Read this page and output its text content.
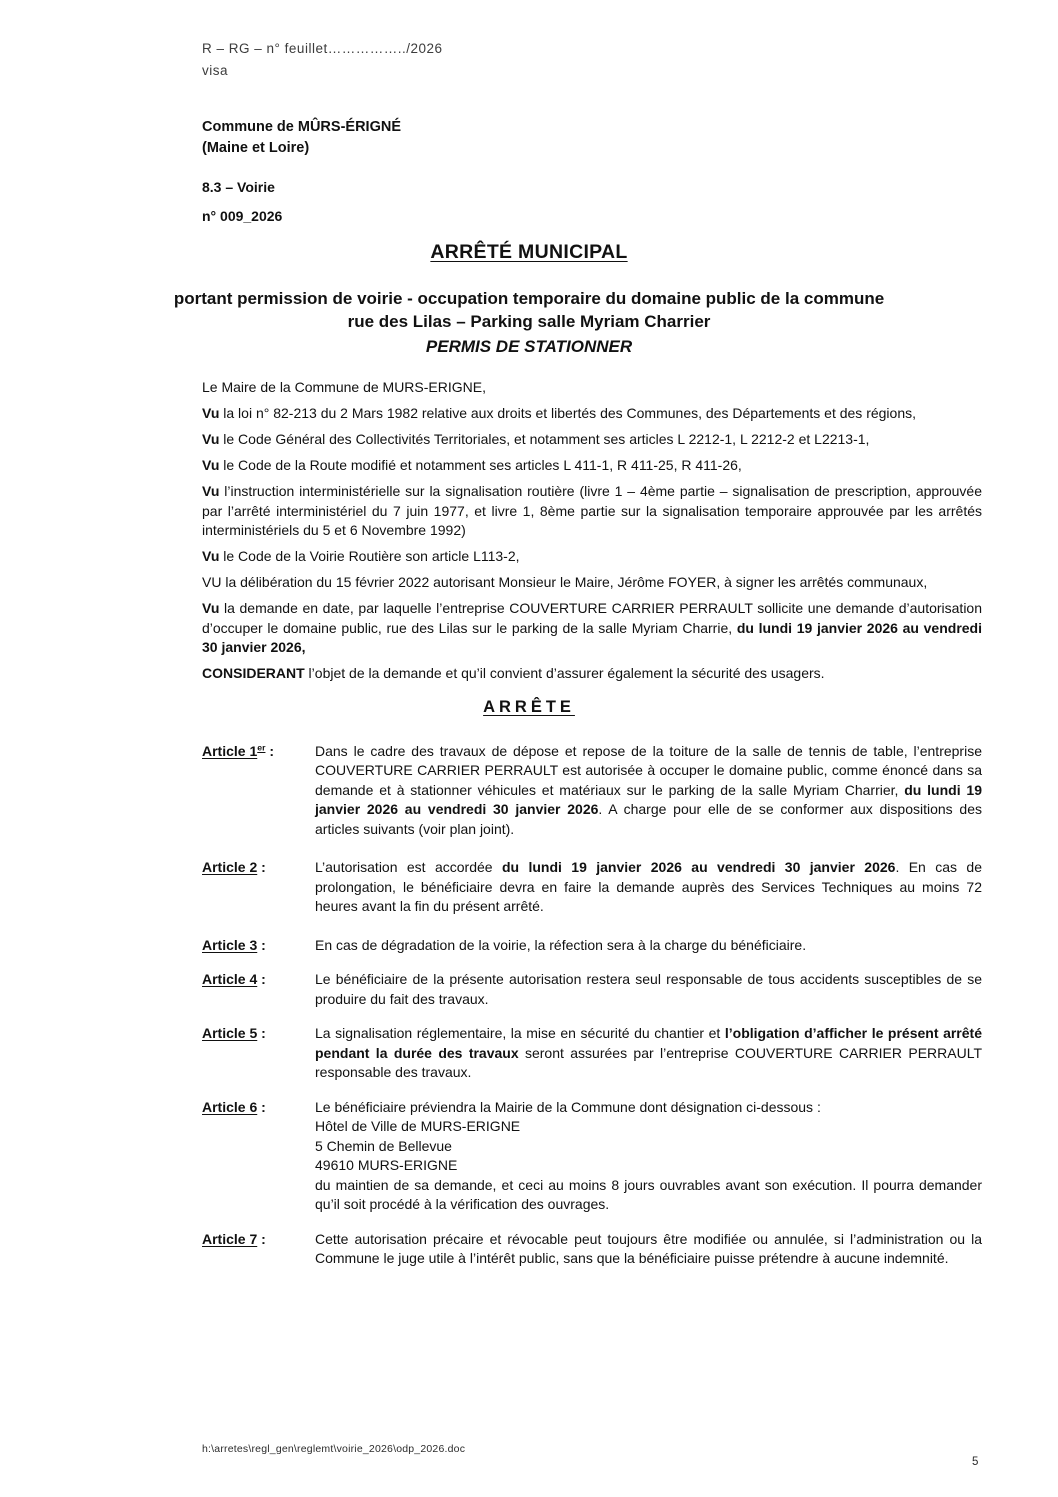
R – RG – n° feuillet……………../2026
visa
Commune de MÛRS-ÉRIGNÉ
(Maine et Loire)
8.3 – Voirie
n° 009_2026
ARRÊTÉ MUNICIPAL
portant permission de voirie - occupation temporaire du domaine public de la commune
rue des Lilas – Parking salle Myriam Charrier
PERMIS DE STATIONNER

Le Maire de la Commune de MURS-ERIGNE,

Vu la loi n° 82-213 du 2 Mars 1982 relative aux droits et libertés des Communes, des Départements et des régions,

Vu le Code Général des Collectivités Territoriales, et notamment ses articles L 2212-1, L 2212-2 et L2213-1,

Vu le Code de la Route modifié et notamment ses articles L 411-1, R 411-25, R 411-26,

Vu l’instruction interministérielle sur la signalisation routière (livre 1 – 4ème partie – signalisation de prescription, approuvée par l’arrêté interministériel du 7 juin 1977, et livre 1, 8ème partie sur la signalisation temporaire approuvée par les arrêtés interministériels du 5 et 6 Novembre 1992)

Vu le Code de la Voirie Routière son article L113-2,

VU la délibération du 15 février 2022 autorisant Monsieur le Maire, Jérôme FOYER, à signer les arrêtés communaux,

Vu la demande en date, par laquelle l’entreprise COUVERTURE CARRIER PERRAULT sollicite une demande d’autorisation d’occuper le domaine public, rue des Lilas sur le parking de la salle Myriam Charrie, du lundi 19 janvier 2026 au vendredi 30 janvier 2026,

CONSIDERANT l’objet de la demande et qu’il convient d’assurer également la sécurité des usagers.

ARRÊTE
Article 1er :	Dans le cadre des travaux de dépose et repose de la toiture de la salle de tennis de table, l’entreprise COUVERTURE CARRIER PERRAULT est autorisée à occuper le domaine public, comme énoncé dans sa demande et à stationner véhicules et matériaux sur le parking de la salle Myriam Charrier, du lundi 19 janvier 2026 au vendredi 30 janvier 2026. A charge pour elle de se conformer aux dispositions des articles suivants (voir plan joint).
Article 2 :	L’autorisation est accordée du lundi 19 janvier 2026 au vendredi 30 janvier 2026. En cas de prolongation, le bénéficiaire devra en faire la demande auprès des Services Techniques au moins 72 heures avant la fin du présent arrêté.
Article 3 :	En cas de dégradation de la voirie, la réfection sera à la charge du bénéficiaire.
Article 4 :	Le bénéficiaire de la présente autorisation restera seul responsable de tous accidents susceptibles de se produire du fait des travaux.
Article 5 :	La signalisation réglementaire, la mise en sécurité du chantier et l’obligation d’afficher le présent arrêté pendant la durée des travaux seront assurées par l’entreprise COUVERTURE CARRIER PERRAULT responsable des travaux.
Article 6 :	Le bénéficiaire préviendra la Mairie de la Commune dont désignation ci-dessous :
Hôtel de Ville de MURS-ERIGNE
5 Chemin de Bellevue
49610 MURS-ERIGNE
du maintien de sa demande, et ceci au moins 8 jours ouvrables avant son exécution. Il pourra demander qu’il soit procédé à la vérification des ouvrages.
Article 7 :	Cette autorisation précaire et révocable peut toujours être modifiée ou annulée, si l’administration ou la Commune le juge utile à l’intérêt public, sans que la bénéficiaire puisse prétendre à aucune indemnité.
h:\arretes\regl_gen\reglemt\voirie_2026\odp_2026.doc
5
